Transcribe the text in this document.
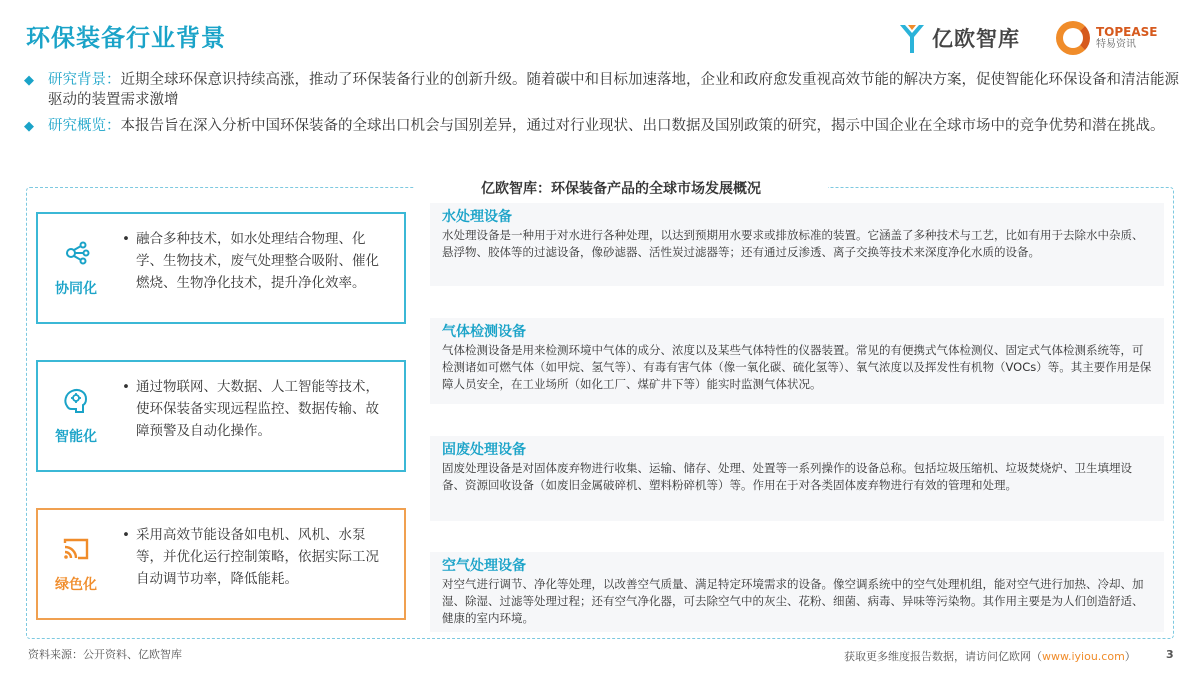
环保装备行业背景	亿欧智库	TOPEASE
特易资讯
◆ 研究背景：近期全球环保意识持续高涨，推动了环保装备行业的创新升级。随着碳中和目标加速落地，企业和政府愈发重视高效节能的解决方案，促使智能化环保设备和清洁能源驱动的装置需求激增
◆ 研究概览：本报告旨在深入分析中国环保装备的全球出口机会与国别差异，通过对行业现状、出口数据及国别政策的研究，揭示中国企业在全球市场中的竞争优势和潜在挑战。
亿欧智库：环保装备产品的全球市场发展概况
协同化
• 融合多种技术，如水处理结合物理、化学、生物技术，废气处理整合吸附、催化燃烧、生物净化技术，提升净化效率。
智能化
• 通过物联网、大数据、人工智能等技术，使环保装备实现远程监控、数据传输、故障预警及自动化操作。
绿色化
• 采用高效节能设备如电机、风机、水泵等，并优化运行控制策略，依据实际工况自动调节功率，降低能耗。
水处理设备
水处理设备是一种用于对水进行各种处理，以达到预期用水要求或排放标准的装置。它涵盖了多种技术与工艺，比如有用于去除水中杂质、悬浮物、胶体等的过滤设备，像砂滤器、活性炭过滤器等；还有通过反渗透、离子交换等技术来深度净化水质的设备。
气体检测设备
气体检测设备是用来检测环境中气体的成分、浓度以及某些气体特性的仪器装置。常见的有便携式气体检测仪、固定式气体检测系统等，可检测诸如可燃气体（如甲烷、氢气等）、有毒有害气体（像一氧化碳、硫化氢等）、氧气浓度以及挥发性有机物（VOCs）等。其主要作用是保障人员安全，在工业场所（如化工厂、煤矿井下等）能实时监测气体状况。
固废处理设备
固废处理设备是对固体废弃物进行收集、运输、储存、处理、处置等一系列操作的设备总称。包括垃圾压缩机、垃圾焚烧炉、卫生填埋设备、资源回收设备（如废旧金属破碎机、塑料粉碎机等）等。作用在于对各类固体废弃物进行有效的管理和处理。
空气处理设备
对空气进行调节、净化等处理，以改善空气质量、满足特定环境需求的设备。像空调系统中的空气处理机组，能对空气进行加热、冷却、加湿、除湿、过滤等处理过程；还有空气净化器，可去除空气中的灰尘、花粉、细菌、病毒、异味等污染物。其作用主要是为人们创造舒适、健康的室内环境。
资料来源：公开资料、亿欧智库	获取更多维度报告数据，请访问亿欧网（www.iyiou.com）	3
